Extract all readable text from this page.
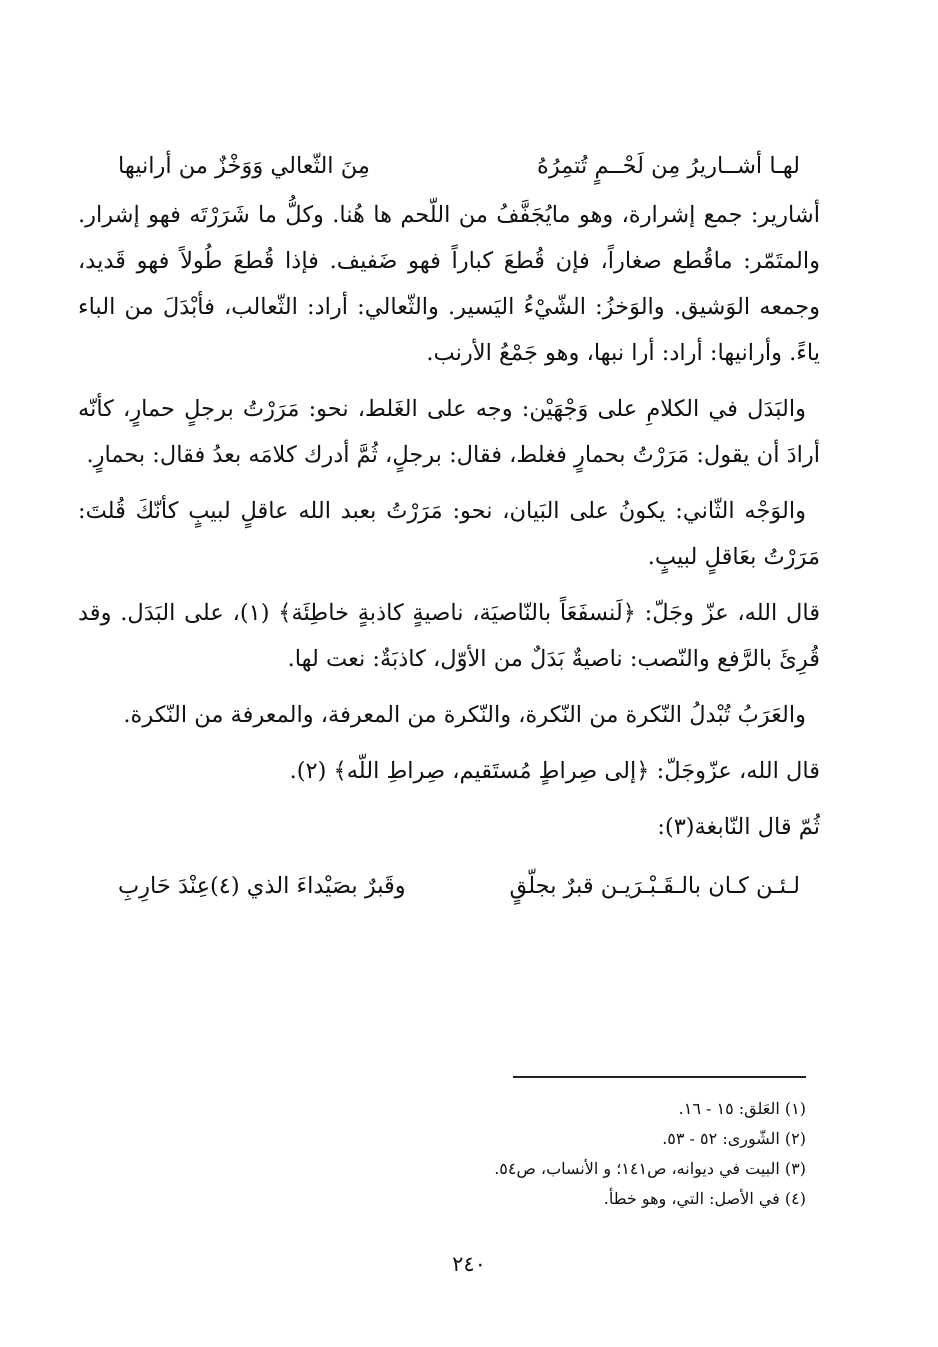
لهـا أشــاريرُ مِن لَحْــمٍ تُتمِرُهُ
مِنَ الثّعالي وَوَخْزٌ من أرانيها

أشارير: جمع إشرارة، وهو مايُجَفَّفُ من اللّحم ها هُنا. وكلُّ ما شَرَرْتَه فهو إشرار. والمتَمّر: ماقُطع صغاراً، فإن قُطعَ كباراً فهو ضَفيف. فإذا قُطعَ طُولاً فهو قَديد، وجمعه الوَشيق. والوَخزُ: الشّيْءُ اليَسير. والثّعالي: أراد: الثّعالب، فأبْدَلَ من الباء ياءً. وأرانيها: أراد: أرا نبها، وهو جَمْعُ الأرنب.

والبَدَل في الكلامِ على وَجْهَيْن: وجه على الغَلط، نحو: مَرَرْتُ برجلٍ حمارٍ، كأنّه أرادَ أن يقول: مَرَرْتُ بحمارٍ فغلط، فقال: برجلٍ، ثُمَّ أدرك كلامَه بعدُ فقال: بحمارٍ.

والوَجْه الثّاني: يكونُ على البَيان، نحو: مَرَرْتُ بعبد الله عاقلٍ لبيبٍ كأنّكَ قُلتَ: مَرَرْتُ بعَاقلٍ لبيبٍ.

قال الله، عزّ وجَلّ: ﴿لَنسفَعَاً بالنّاصيَة، ناصيةٍ كاذبةٍ خاطِئَة﴾ (١)، على البَدَل. وقد قُرِئَ بالرَّفع والنّصب: ناصيةٌ بَدَلٌ من الأوّل، كاذبَةٌ: نعت لها.

والعَرَبُ تُبْدلُ النّكرة من النّكرة، والنّكرة من المعرفة، والمعرفة من النّكرة.

قال الله، عزّوجَلّ: ﴿إلى صِراطٍ مُستَقيم، صِراطِ اللّه﴾ (٢).

ثُمّ قال النّابغة(٣):

لـئـن كـان بالـقَـبْـرَيـن قبرٌ بجلّقٍ
وقَبرٌ بصَيْداءَ الذي (٤)عِنْدَ حَارِبِ
(١) العَلق: ١٥ - ١٦.
(٢) الشّورى: ٥٢ - ٥٣.
(٣) البيت في ديوانه، ص١٤١؛ و الأنساب، ص٥٤.
(٤) في الأصل: التي، وهو خطأ.
٢٤٠
